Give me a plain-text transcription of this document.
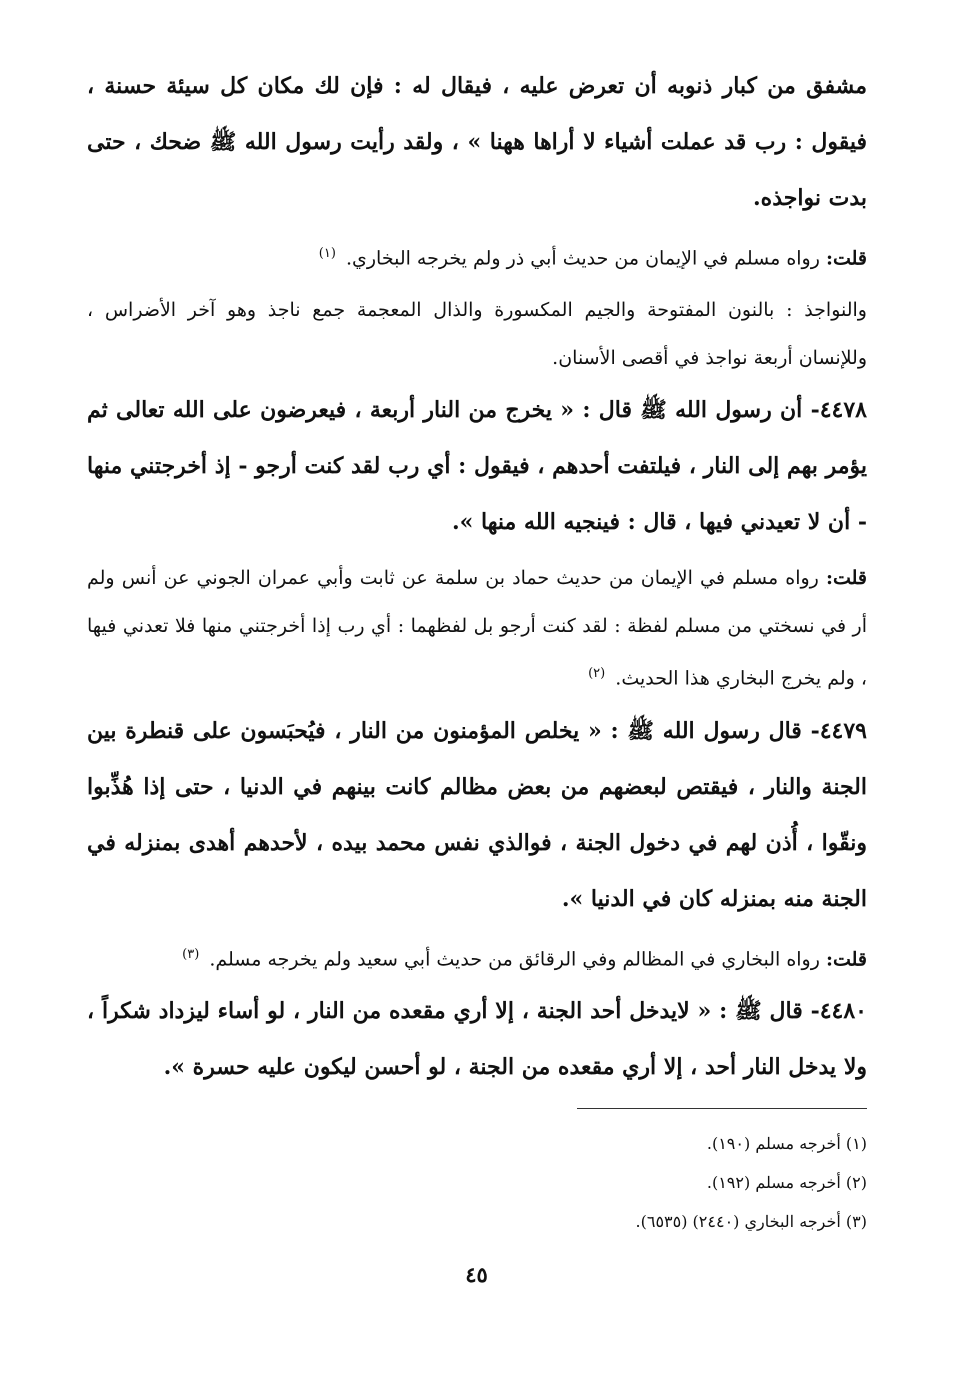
مشفق من كبار ذنوبه أن تعرض عليه ، فيقال له : فإن لك مكان كل سيئة حسنة ، فيقول : رب قد عملت أشياء لا أراها ههنا » ، ولقد رأيت رسول الله ﷺ ضحك ، حتى بدت نواجذه.

قلت: رواه مسلم في الإيمان من حديث أبي ذر ولم يخرجه البخاري. $^{(١)}$

والنواجذ : بالنون المفتوحة والجيم المكسورة والذال المعجمة جمع ناجذ وهو آخر الأضراس ، وللإنسان أربعة نواجذ في أقصى الأسنان.

٤٤٧٨- أن رسول الله ﷺ قال : « يخرج من النار أربعة ، فيعرضون على الله تعالى ثم يؤمر بهم إلى النار ، فيلتفت أحدهم ، فيقول : أي رب لقد كنت أرجو - إذ أخرجتني منها - أن لا تعيدني فيها ، قال : فينجيه الله منها ».

قلت: رواه مسلم في الإيمان من حديث حماد بن سلمة عن ثابت وأبي عمران الجوني عن أنس ولم أر في نسختي من مسلم لفظة : لقد كنت أرجو بل لفظهما : أي رب إذا أخرجتني منها فلا تعدني فيها ، ولم يخرج البخاري هذا الحديث. $^{(٢)}$

٤٤٧٩- قال رسول الله ﷺ : « يخلص المؤمنون من النار ، فيُحبَسون على قنطرة بين الجنة والنار ، فيقتص لبعضهم من بعض مظالم كانت بينهم في الدنيا ، حتى إذا هُذِّبوا ونقّوا ، أُذن لهم في دخول الجنة ، فوالذي نفس محمد بيده ، لأحدهم أهدى بمنزله في الجنة منه بمنزله كان في الدنيا ».

قلت: رواه البخاري في المظالم وفي الرقائق من حديث أبي سعيد ولم يخرجه مسلم. $^{(٣)}$

٤٤٨٠- قال ﷺ : « لايدخل أحد الجنة ، إلا أري مقعده من النار ، لو أساء ليزداد شكراً ، ولا يدخل النار أحد ، إلا أري مقعده من الجنة ، لو أحسن ليكون عليه حسرة ».

(١) أخرجه مسلم (١٩٠).

(٢) أخرجه مسلم (١٩٢).

(٣) أخرجه البخاري (٢٤٤٠) (٦٥٣٥).

٤٥
